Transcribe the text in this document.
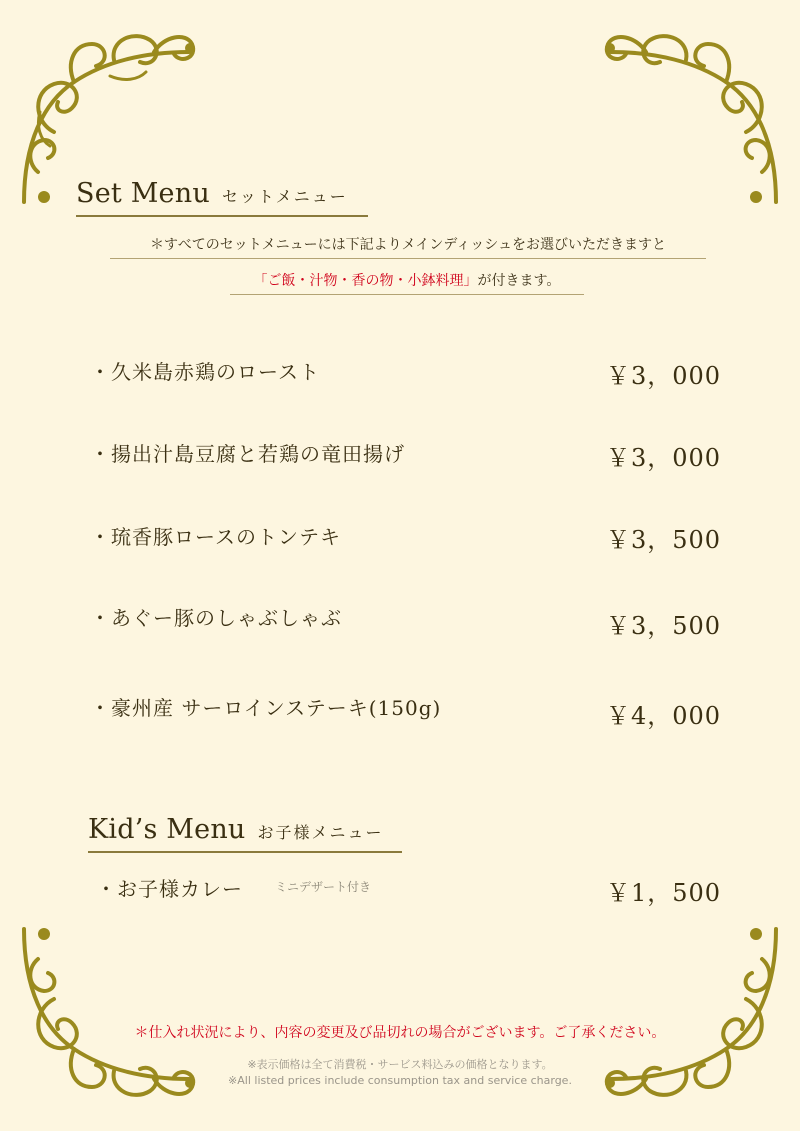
Set Menu セットメニュー
＊すべてのセットメニューには下記よりメインディッシュをお選びいただきますと
「ご飯・汁物・香の物・小鉢料理」が付きます。
・久米島赤鶏のロースト	￥3，000
・揚出汁島豆腐と若鶏の竜田揚げ	￥3，000
・琉香豚ロースのトンテキ	￥3，500
・あぐー豚のしゃぶしゃぶ	￥3，500
・豪州産 サーロインステーキ(150g)	￥4，000
Kid’s Menu お子様メニュー
・お子様カレー	ミニデザート付き	￥1，500
＊仕入れ状況により、内容の変更及び品切れの場合がございます。ご了承ください。
※表示価格は全て消費税・サービス料込みの価格となります。
※All listed prices include consumption tax and service charge.
